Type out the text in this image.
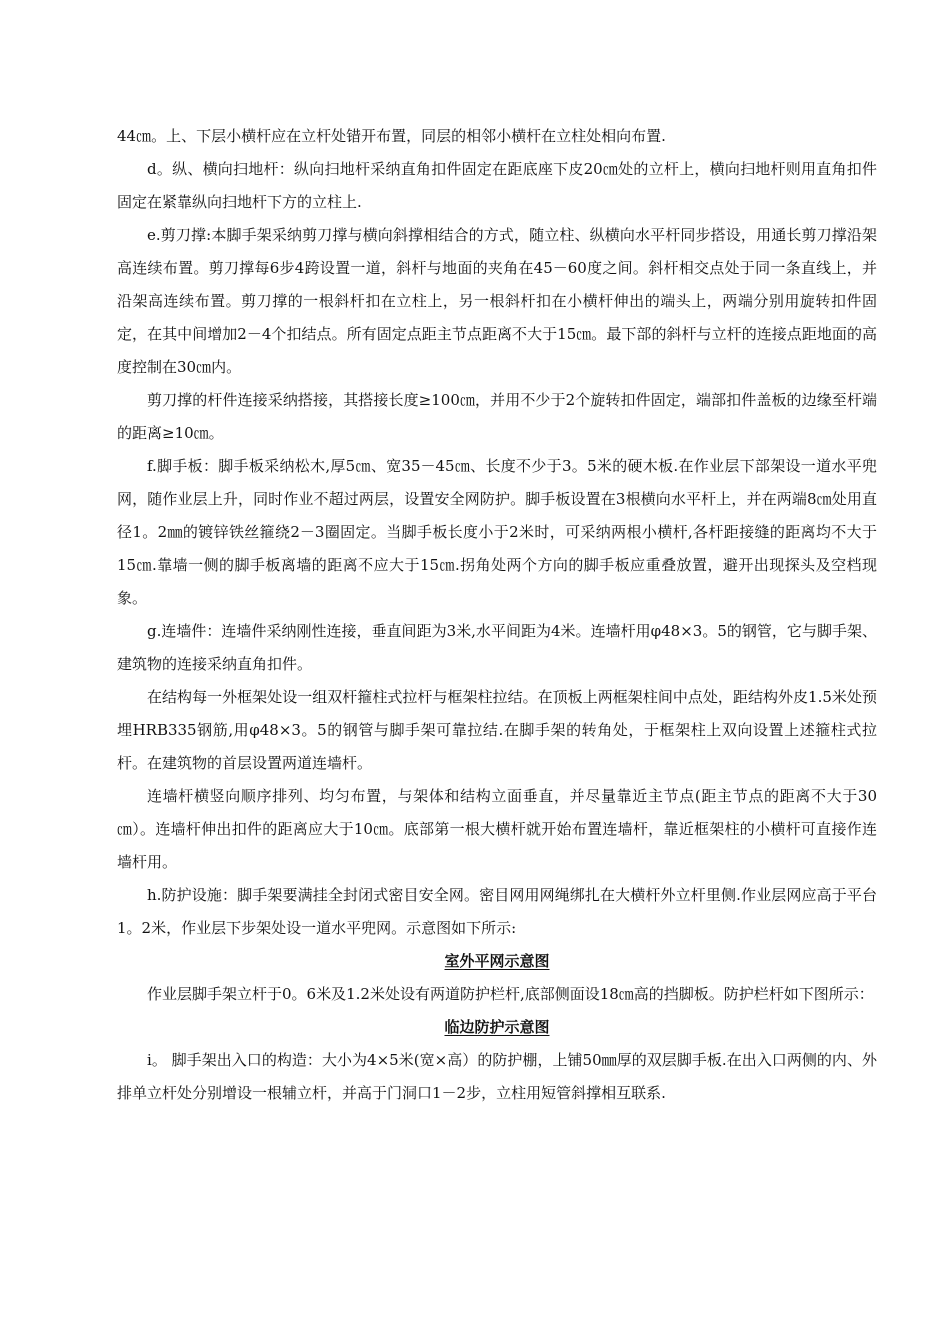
44㎝。上、下层小横杆应在立杆处错开布置，同层的相邻小横杆在立柱处相向布置.

d。纵、横向扫地杆：纵向扫地杆采纳直角扣件固定在距底座下皮20㎝处的立杆上，横向扫地杆则用直角扣件固定在紧靠纵向扫地杆下方的立柱上.

e.剪刀撑:本脚手架采纳剪刀撑与横向斜撑相结合的方式，随立柱、纵横向水平杆同步搭设，用通长剪刀撑沿架高连续布置。剪刀撑每6步4跨设置一道，斜杆与地面的夹角在45－60度之间。斜杆相交点处于同一条直线上，并沿架高连续布置。剪刀撑的一根斜杆扣在立柱上，另一根斜杆扣在小横杆伸出的端头上，两端分别用旋转扣件固定，在其中间增加2－4个扣结点。所有固定点距主节点距离不大于15㎝。最下部的斜杆与立杆的连接点距地面的高度控制在30㎝内。

剪刀撑的杆件连接采纳搭接，其搭接长度≥100㎝，并用不少于2个旋转扣件固定，端部扣件盖板的边缘至杆端的距离≥10㎝。

f.脚手板：脚手板采纳松木,厚5㎝、宽35－45㎝、长度不少于3。5米的硬木板.在作业层下部架设一道水平兜网，随作业层上升，同时作业不超过两层，设置安全网防护。脚手板设置在3根横向水平杆上，并在两端8㎝处用直径1。2㎜的镀锌铁丝箍绕2－3圈固定。当脚手板长度小于2米时，可采纳两根小横杆,各杆距接缝的距离均不大于15㎝.靠墙一侧的脚手板离墙的距离不应大于15㎝.拐角处两个方向的脚手板应重叠放置，避开出现探头及空档现象。

g.连墙件：连墙件采纳刚性连接，垂直间距为3米,水平间距为4米。连墙杆用φ48×3。5的钢管，它与脚手架、建筑物的连接采纳直角扣件。

在结构每一外框架处设一组双杆箍柱式拉杆与框架柱拉结。在顶板上两框架柱间中点处，距结构外皮1.5米处预埋HRB335钢筋,用φ48×3。5的钢管与脚手架可靠拉结.在脚手架的转角处，于框架柱上双向设置上述箍柱式拉杆。在建筑物的首层设置两道连墙杆。

连墙杆横竖向顺序排列、均匀布置，与架体和结构立面垂直，并尽量靠近主节点(距主节点的距离不大于30㎝）。连墙杆伸出扣件的距离应大于10㎝。底部第一根大横杆就开始布置连墙杆，靠近框架柱的小横杆可直接作连墙杆用。

h.防护设施：脚手架要满挂全封闭式密目安全网。密目网用网绳绑扎在大横杆外立杆里侧.作业层网应高于平台1。2米，作业层下步架处设一道水平兜网。示意图如下所示:

室外平网示意图

作业层脚手架立杆于0。6米及1.2米处设有两道防护栏杆,底部侧面设18㎝高的挡脚板。防护栏杆如下图所示：

临边防护示意图

i。 脚手架出入口的构造：大小为4×5米(宽×高）的防护棚，上铺50㎜厚的双层脚手板.在出入口两侧的内、外排单立杆处分别增设一根辅立杆，并高于门洞口1－2步，立柱用短管斜撑相互联系.
